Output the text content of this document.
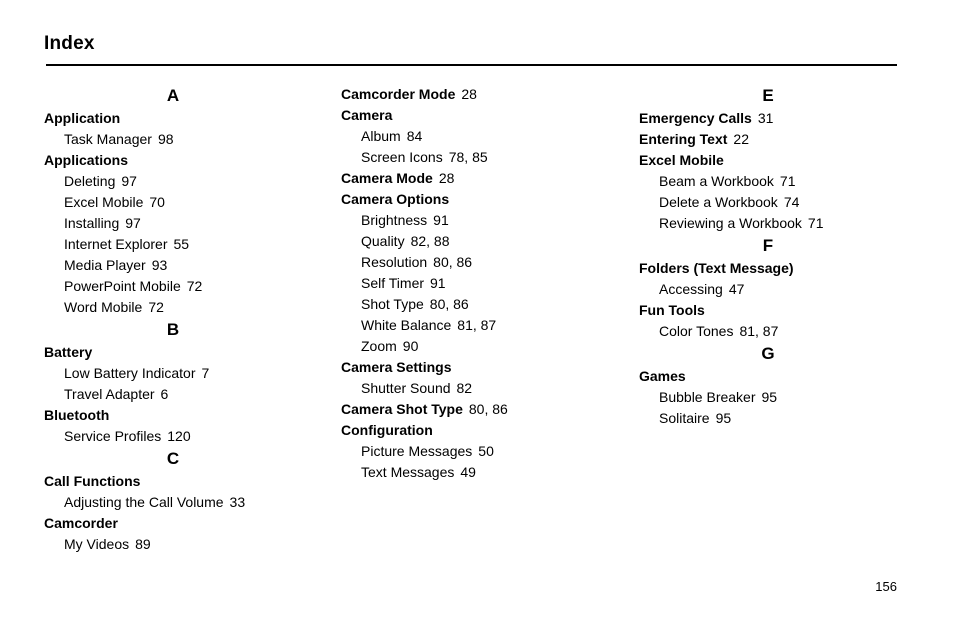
Index
A
Application
Task Manager 98
Applications
Deleting 97
Excel Mobile 70
Installing 97
Internet Explorer 55
Media Player 93
PowerPoint Mobile 72
Word Mobile 72
B
Battery
Low Battery Indicator 7
Travel Adapter 6
Bluetooth
Service Profiles 120
C
Call Functions
Adjusting the Call Volume 33
Camcorder
My Videos 89
Camcorder Mode 28
Camera
Album 84
Screen Icons 78, 85
Camera Mode 28
Camera Options
Brightness 91
Quality 82, 88
Resolution 80, 86
Self Timer 91
Shot Type 80, 86
White Balance 81, 87
Zoom 90
Camera Settings
Shutter Sound 82
Camera Shot Type 80, 86
Configuration
Picture Messages 50
Text Messages 49
E
Emergency Calls 31
Entering Text 22
Excel Mobile
Beam a Workbook 71
Delete a Workbook 74
Reviewing a Workbook 71
F
Folders (Text Message)
Accessing 47
Fun Tools
Color Tones 81, 87
G
Games
Bubble Breaker 95
Solitaire 95
156
